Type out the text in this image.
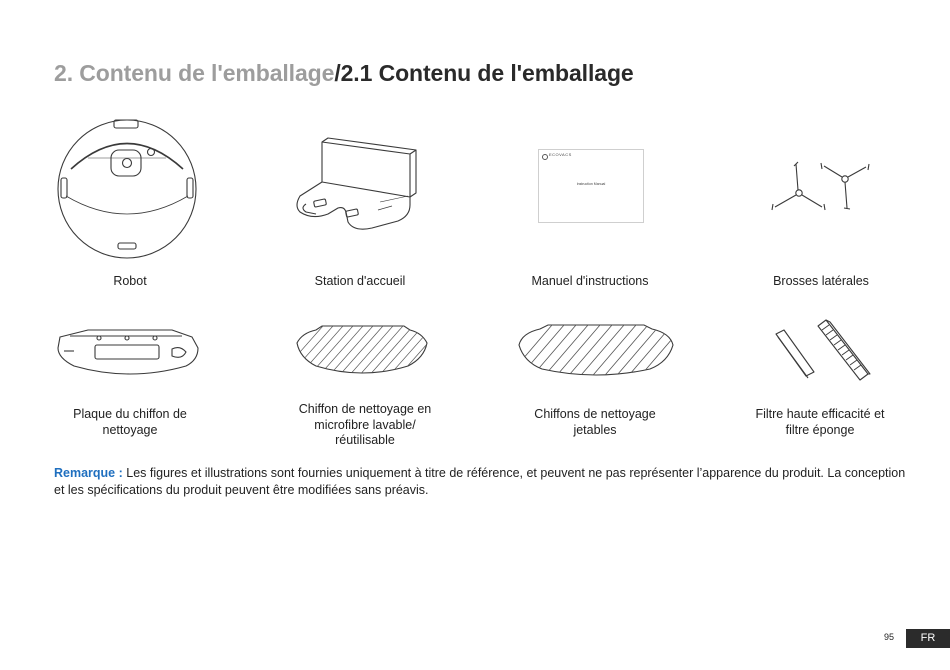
2. Contenu de l'emballage/2.1 Contenu de l'emballage
Robot	Station d'accueil
ECOVACS
Instruction Manual
Manuel d'instructions	Brosses latérales
Plaque du chiffon de nettoyage
Chiffon de nettoyage en microfibre lavable/ réutilisable
Chiffons de nettoyage jetables
Filtre haute efficacité et filtre éponge
Remarque : Les figures et illustrations sont fournies uniquement à titre de référence, et peuvent ne pas représenter l’apparence du produit. La conception et les spécifications du produit peuvent être modifiées sans préavis.
95	FR
